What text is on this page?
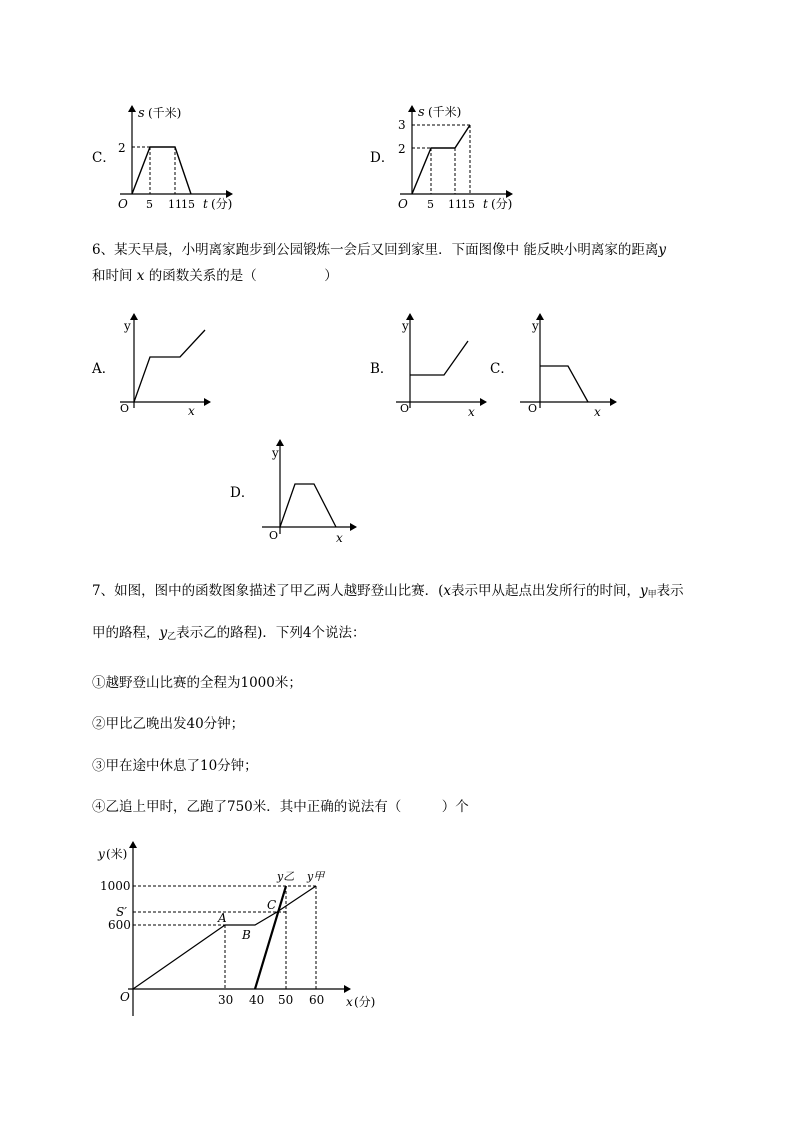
C．
s (千米)
2
O 5 11 15 t (分)
D．
s (千米)
3
2
O 5 11 15 t (分)
6、某天早晨，小明离家跑步到公园锻炼一会后又回到家里．下面图像中 能反映小明离家的距离y
和时间 x 的函数关系的是（　　　　　）
A．
y
O	x
B．
y
O	x
C．
y
O	x
D．
y
O	x
7、如图，图中的函数图象描述了甲乙两人越野登山比赛．(x表示甲从起点出发所行的时间，$y_甲$表示
甲的路程，$y_乙$表示乙的路程)．下列4个说法：
①越野登山比赛的全程为1000米；
②甲比乙晚出发40分钟；
③甲在途中休息了10分钟；
④乙追上甲时，乙跑了750米．其中正确的说法有（　　　）个
y (米)
1000
S′
600
O	30 40 50 60 x (分)
A
B
C
y乙 y甲
